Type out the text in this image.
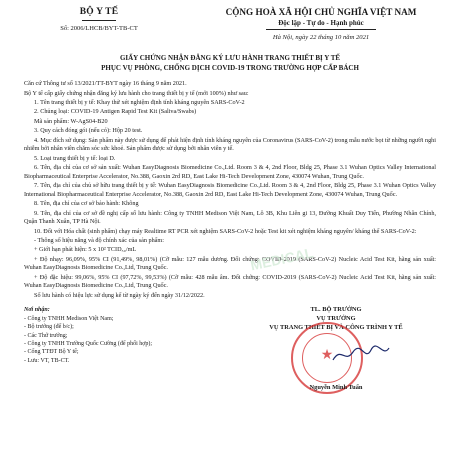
BỘ Y TẾ
Số: 2006/LHCB/BYT-TB-CT
CỘNG HOÀ XÃ HỘI CHỦ NGHĨA VIỆT NAM
Độc lập - Tự do - Hạnh phúc
Hà Nội, ngày 22 tháng 10 năm 2021
GIẤY CHỨNG NHẬN ĐĂNG KÝ LƯU HÀNH TRANG THIẾT BỊ Y TẾ
PHỤC VỤ PHÒNG, CHỐNG DỊCH COVID-19 TRONG TRƯỜNG HỢP CẤP BÁCH

Căn cứ Thông tư số 13/2021/TT-BYT ngày 16 tháng 9 năm 2021.

Bộ Y tế cấp giấy chứng nhận đăng ký lưu hành cho trang thiết bị y tế (mới 100%) như sau:

1. Tên trang thiết bị y tế: Khay thử xét nghiệm định tính kháng nguyên SARS-CoV-2

2. Chủng loại: COVID-19 Antigen Rapid Test Kit (Saliva/Swabs)

Mã sản phẩm: W-AgS04-B20

3. Quy cách đóng gói (nếu có): Hộp 20 test.

4. Mục đích sử dụng: Sản phẩm này được sử dụng để phát hiện định tính kháng nguyên của Coronavirus (SARS-CoV-2) trong mẫu nước bọt từ những người nghi nhiễm bởi nhân viên chăm sóc sức khoẻ. Sản phẩm được sử dụng bởi nhân viên y tế.

5. Loại trang thiết bị y tế: loại D.

6. Tên, địa chỉ của cơ sở sản xuất: Wuhan EasyDiagnosis Biomedicine Co.,Ltd. Room 3 & 4, 2nd Floor, Bldg 25, Phase 3.1 Wuhan Optics Valley International Biopharmaceutical Enterprise Accelerator, No.388, Gaoxin 2rd RD, East Lake Hi-Tech Development Zone, 430074 Wuhan, Trung Quốc.

7. Tên, địa chỉ của chủ sở hữu trang thiết bị y tế: Wuhan EasyDiagnosis Biomedicine Co.,Ltd. Room 3 & 4, 2nd Floor, Bldg 25, Phase 3.1 Wuhan Optics Valley International Biopharmaceutical Enterprise Accelerator, No.388, Gaoxin 2rd RD, East Lake Hi-Tech Development Zone, 430074 Wuhan, Trung Quốc.

8. Tên, địa chỉ của cơ sở bảo hành: Không

9. Tên, địa chỉ của cơ sở đề nghị cấp số lưu hành: Công ty TNHH Medison Việt Nam, Lô 3B, Khu Liên gi 13, Đường Khuất Duy Tiến, Phường Nhân Chính, Quận Thanh Xuân, TP Hà Nội.

10. Đối với Hóa chất (sinh phẩm) chạy máy Realtime RT PCR xét nghiệm SARS-CoV-2 hoặc Test kit xét nghiệm kháng nguyên/ kháng thể SARS-CoV-2:

- Thông số hiệu năng và độ chính xác của sản phẩm:

+ Giới hạn phát hiện: 5 x 10² TCID₅₀/mL

+ Độ nhạy: 96,09%, 95% CI (91,49%, 98,01%) (Cỡ mẫu: 127 mẫu dương. Đối chứng: COVID-2019 (SARS-CoV-2) Nucleic Acid Test Kit, hãng sản xuất: Wuhan EasyDiagnosis Biomedicine Co.,Ltd, Trung Quốc.

+ Độ đặc hiệu: 99,06%, 95% CI (97,72%, 99,53%) (Cỡ mẫu: 428 mẫu âm. Đối chứng: COVID-2019 (SARS-CoV-2) Nucleic Acid Test Kit, hãng sản xuất: Wuhan EasyDiagnosis Biomedicine Co.,Ltd, Trung Quốc.

Số lưu hành có hiệu lực sử dụng kể từ ngày ký đến ngày 31/12/2022.

Nơi nhận:
- Công ty TNHH Medison Việt Nam;
- Bộ trưởng (để b/c);
- Các Thứ trưởng;
- Công ty TNHH Trường Quốc Cường (để phối hợp);
- Cổng TTĐT Bộ Y tế;
- Lưu: VT, TB-CT.
TL. BỘ TRƯỞNG
VỤ TRƯỞNG
VỤ TRANG THIẾT BỊ VÀ CÔNG TRÌNH Y TẾ
★
Nguyễn Minh Tuấn
MEDICAL
